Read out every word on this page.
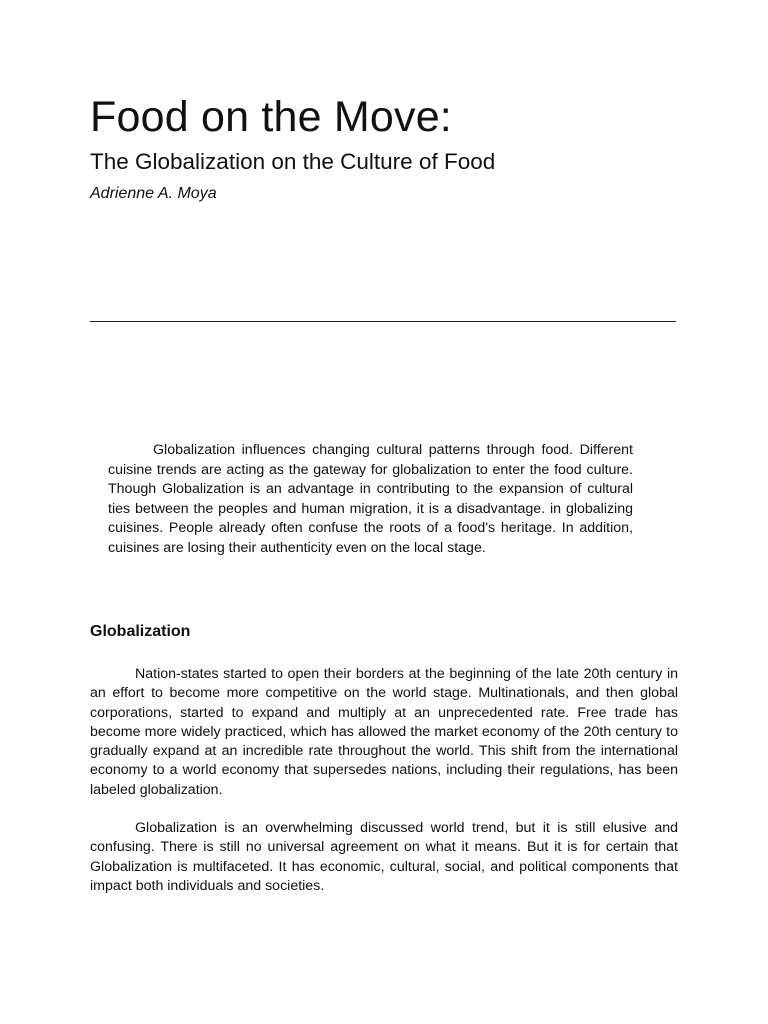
Food on the Move:
The Globalization on the Culture of Food

Adrienne A. Moya

Globalization influences changing cultural patterns through food. Different cuisine trends are acting as the gateway for globalization to enter the food culture. Though Globalization is an advantage in contributing to the expansion of cultural ties between the peoples and human migration, it is a disadvantage. in globalizing cuisines. People already often confuse the roots of a food's heritage. In addition, cuisines are losing their authenticity even on the local stage.

Globalization

Nation-states started to open their borders at the beginning of the late 20th century in an effort to become more competitive on the world stage. Multinationals, and then global corporations, started to expand and multiply at an unprecedented rate. Free trade has become more widely practiced, which has allowed the market economy of the 20th century to gradually expand at an incredible rate throughout the world. This shift from the international economy to a world economy that supersedes nations, including their regulations, has been labeled globalization.

Globalization is an overwhelming discussed world trend, but it is still elusive and confusing. There is still no universal agreement on what it means. But it is for certain that Globalization is multifaceted. It has economic, cultural, social, and political components that impact both individuals and societies.
